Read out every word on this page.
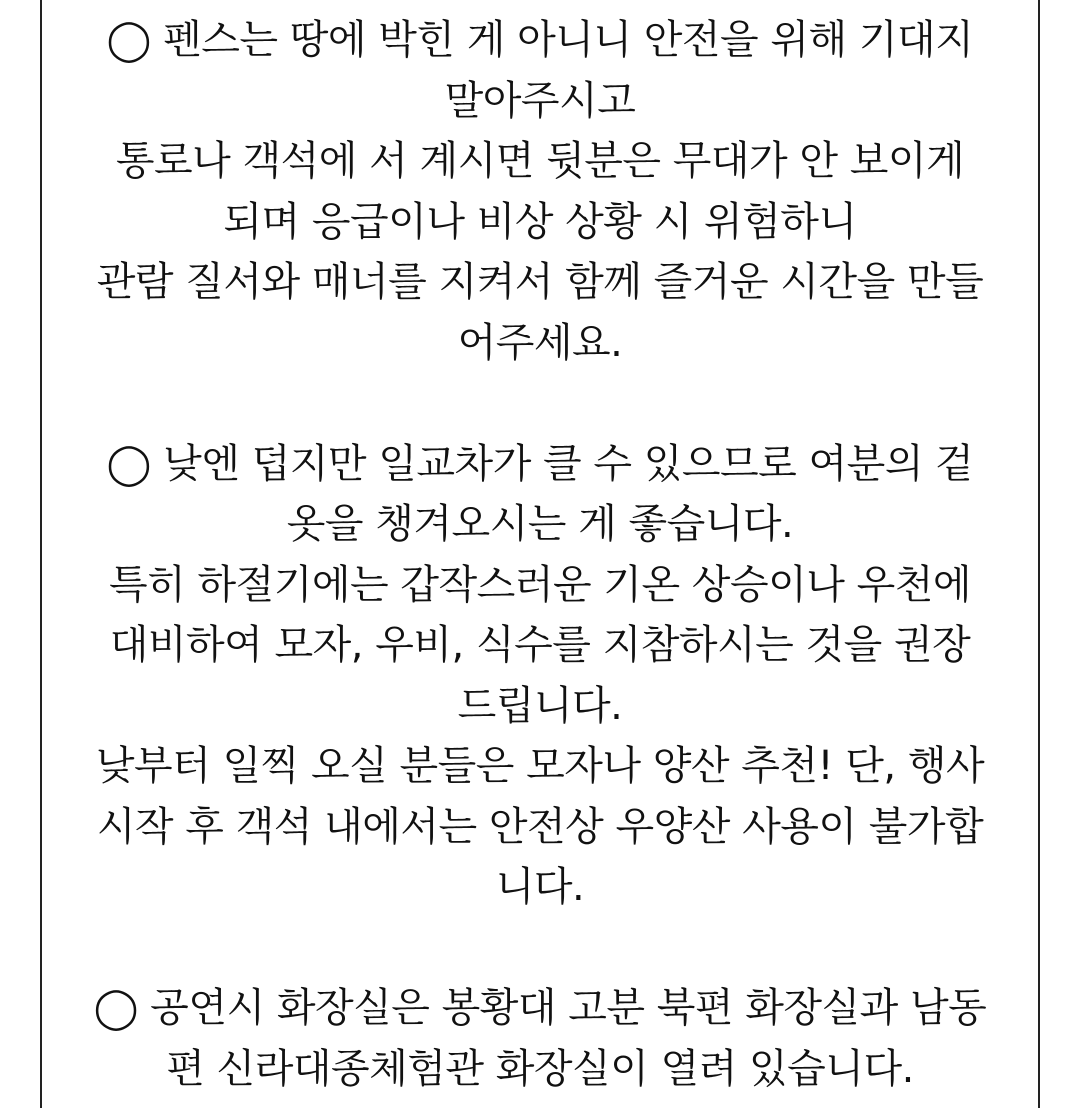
◯ 펜스는 땅에 박힌 게 아니니 안전을 위해 기대지
말아주시고
통로나 객석에 서 계시면 뒷분은 무대가 안 보이게
되며 응급이나 비상 상황 시 위험하니
관람 질서와 매너를 지켜서 함께 즐거운 시간을 만들
어주세요.
◯ 낮엔 덥지만 일교차가 클 수 있으므로 여분의 겉
옷을 챙겨오시는 게 좋습니다.
특히 하절기에는 갑작스러운 기온 상승이나 우천에
대비하여 모자, 우비, 식수를 지참하시는 것을 권장
드립니다.
낮부터 일찍 오실 분들은 모자나 양산 추천! 단, 행사
시작 후 객석 내에서는 안전상 우양산 사용이 불가합
니다.
◯ 공연시 화장실은 봉황대 고분 북편 화장실과 남동
편 신라대종체험관 화장실이 열려 있습니다.
